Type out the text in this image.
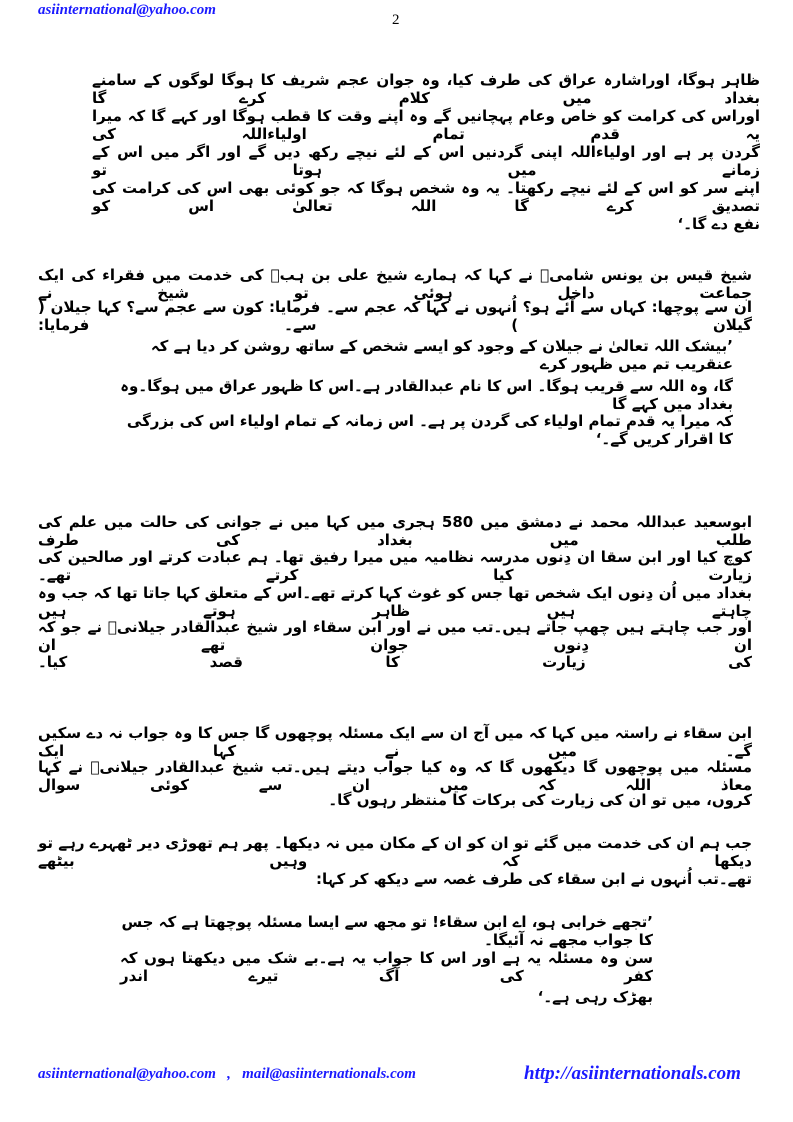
asiinternational@yahoo.com
2
ظاہر ہوگا، اوراشارہ عراق کی طرف کیا، وہ جوان عجم شریف کا ہوگا لوگوں کے سامنے بغداد میں کلام کرے گا
اوراس کی کرامت کو خاص وعام پہچانیں گے وہ اپنے وقت کا قطب ہوگا اور کہے گا کہ میرا یہ قدم تمام اولیاءاللہ کی
گردن پر ہے اور اولیاءاللہ اپنی گردنیں اس کے لئے نیچے رکھ دیں گے اور اگر میں اس کے زمانے میں ہوتا تو
اپنے سر کو اس کے لئے نیچے رکھتا۔ یہ وہ شخص ہوگا کہ جو کوئی بھی اس کی کرامت کی تصدیق کرے گا اللہ تعالیٰ اس کو
نفع دے گا۔‘
شیخ قیس بن یونس شامیؒ نے کہا کہ ہمارے شیخ علی بن ہبؒ کی خدمت میں فقراء کی ایک جماعت داخل ہوئی تو شیخ نے
ان سے پوچھا: کہاں سے آئے ہو؟ اُنہوں نے کہا کہ عجم سے۔ فرمایا: کون سے عجم سے؟ کہا جیلان ( گیلان ) سے۔ فرمایا:
’بیشک اللہ تعالیٰ نے جیلان کے وجود کو ایسے شخص کے ساتھ روشن کر دیا ہے کہ عنقریب تم میں ظہور کرے
گا، وہ اللہ سے قریب ہوگا۔ اس کا نام عبدالقادر ہے۔اس کا ظہور عراق میں ہوگا۔وہ بغداد میں کہے گا
کہ میرا یہ قدم تمام اولیاء کی گردن پر ہے۔ اس زمانہ کے تمام اولیاء اس کی بزرگی کا اقرار کریں گے۔‘
ابوسعید عبداللہ محمد نے دمشق میں 580 ہجری میں کہا میں نے جوانی کی حالت میں علم کی طلب میں بغداد کی طرف
کوچ کیا اور ابن سقا ان دِنوں مدرسہ نظامیہ میں میرا رفیق تھا۔ ہم عبادت کرتے اور صالحین کی زیارت کیا کرتے تھے۔
بغداد میں اُن دِنوں ایک شخص تھا جس کو غوث کہا کرتے تھے۔اس کے متعلق کہا جاتا تھا کہ جب وہ چاہتے ہیں ظاہر ہوتے ہیں
اور جب چاہتے ہیں چھپ جاتے ہیں۔تب میں نے اور ابن سقاء اور شیخ عبدالقادر جیلانیؒ نے جو کہ ان دِنوں جوان تھے ان
کی زیارت کا قصد کیا۔
ابن سقاء نے راستہ میں کہا کہ میں آج ان سے ایک مسئلہ پوچھوں گا جس کا وہ جواب نہ دے سکیں گے۔ میں نے کہا ایک
مسئلہ میں پوچھوں گا دیکھوں گا کہ وہ کیا جواب دیتے ہیں۔تب شیخ عبدالقادر جیلانیؒ نے کہا معاذ اللہ کہ میں ان سے کوئی سوال
کروں، میں تو ان کی زیارت کی برکات کا منتظر رہوں گا۔
جب ہم ان کی خدمت میں گئے تو ان کو ان کے مکان میں نہ دیکھا۔ پھر ہم تھوڑی دیر ٹھہرے رہے تو دیکھا کہ وہیں بیٹھے
تھے۔تب اُنہوں نے ابن سقاء کی طرف غصہ سے دیکھ کر کہا:
’تجھے خرابی ہو، اے ابن سقاء! تو مجھ سے ایسا مسئلہ پوچھتا ہے کہ جس کا جواب مجھے نہ آئیگا۔
سن وہ مسئلہ یہ ہے اور اس کا جواب یہ ہے۔بے شک میں دیکھتا ہوں کہ کفر کی آگ تیرے اندر
بھڑک رہی ہے۔‘
asiinternational@yahoo.com   ,   mail@asiinternationals.com	http://asiinternationals.com
